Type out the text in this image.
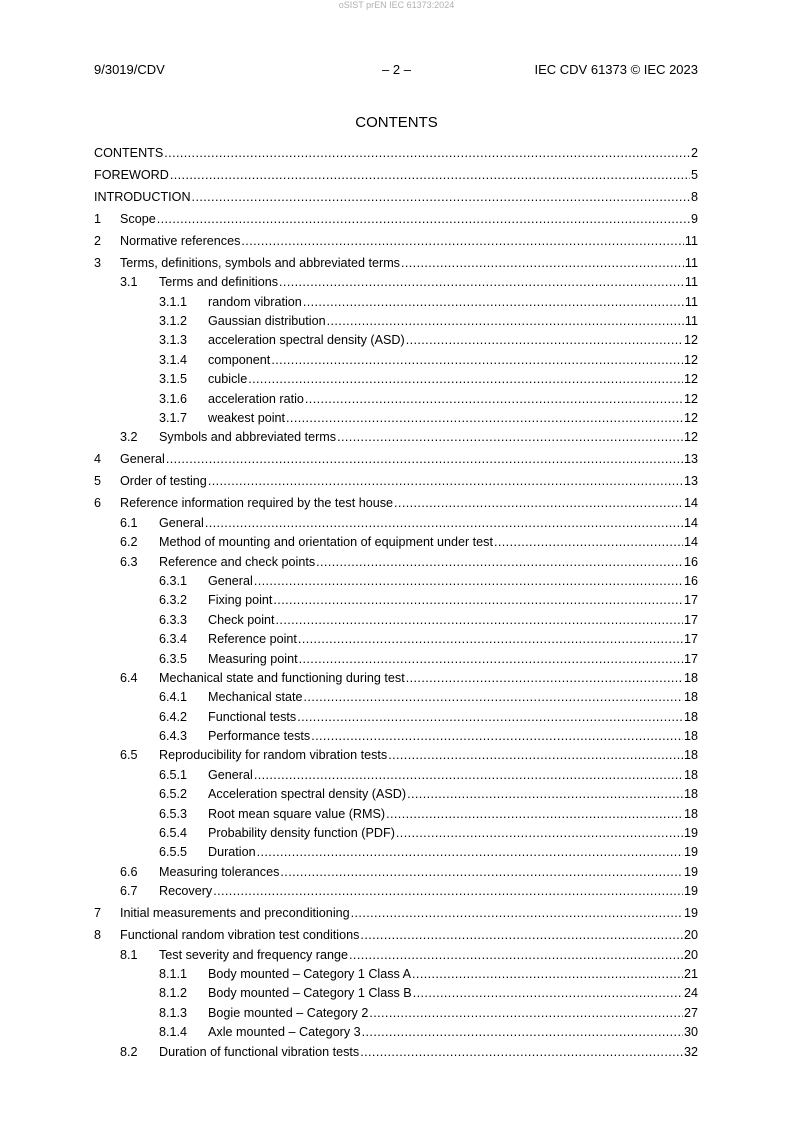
oSIST prEN IEC 61373:2024
9/3019/CDV	– 2 –	IEC CDV 61373 © IEC 2023
CONTENTS
CONTENTS .....	2
FOREWORD .....	5
INTRODUCTION .....	8
1	Scope .....	9
2	Normative references .....	11
3	Terms, definitions, symbols and abbreviated terms .....	11
3.1	Terms and definitions .....	11
3.1.1	random vibration .....	11
3.1.2	Gaussian distribution .....	11
3.1.3	acceleration spectral density (ASD) .....	12
3.1.4	component .....	12
3.1.5	cubicle .....	12
3.1.6	acceleration ratio .....	12
3.1.7	weakest point .....	12
3.2	Symbols and abbreviated terms .....	12
4	General .....	13
5	Order of testing .....	13
6	Reference information required by the test house .....	14
6.1	General .....	14
6.2	Method of mounting and orientation of equipment under test .....	14
6.3	Reference and check points .....	16
6.3.1	General .....	16
6.3.2	Fixing point .....	17
6.3.3	Check point .....	17
6.3.4	Reference point .....	17
6.3.5	Measuring point .....	17
6.4	Mechanical state and functioning during test .....	18
6.4.1	Mechanical state .....	18
6.4.2	Functional tests .....	18
6.4.3	Performance tests .....	18
6.5	Reproducibility for random vibration tests .....	18
6.5.1	General .....	18
6.5.2	Acceleration spectral density (ASD) .....	18
6.5.3	Root mean square value (RMS) .....	18
6.5.4	Probability density function (PDF) .....	19
6.5.5	Duration .....	19
6.6	Measuring tolerances .....	19
6.7	Recovery .....	19
7	Initial measurements and preconditioning .....	19
8	Functional random vibration test conditions .....	20
8.1	Test severity and frequency range .....	20
8.1.1	Body mounted – Category 1 Class A .....	21
8.1.2	Body mounted – Category 1 Class B .....	24
8.1.3	Bogie mounted – Category 2 .....	27
8.1.4	Axle mounted – Category 3 .....	30
8.2	Duration of functional vibration tests .....	32
